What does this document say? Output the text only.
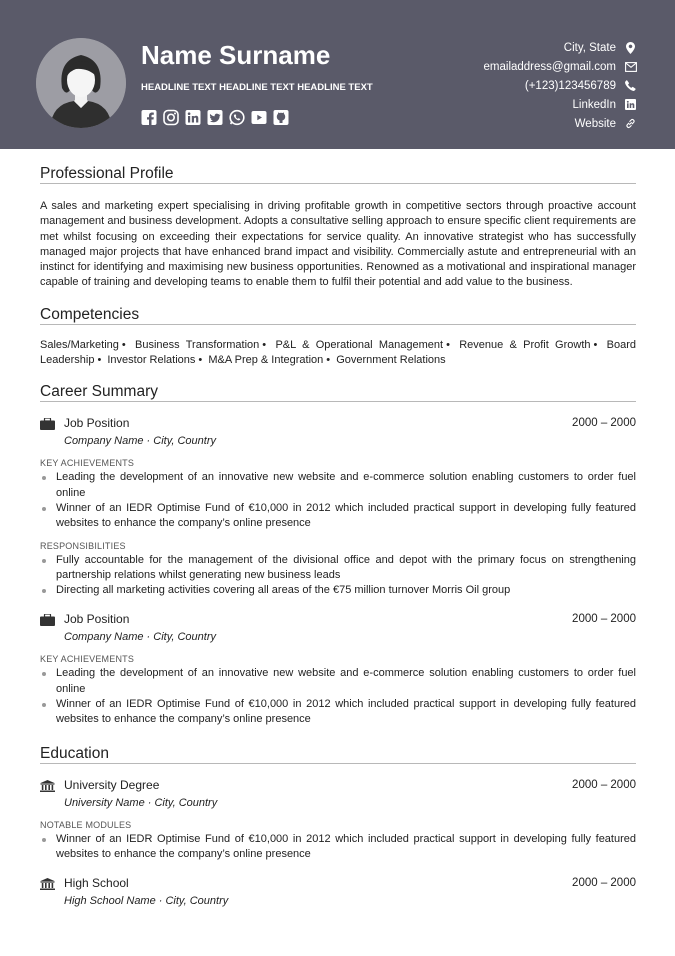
Name Surname
HEADLINE TEXT HEADLINE TEXT HEADLINE TEXT
City, State
emailaddress@gmail.com
(+123)123456789
LinkedIn
Website
Professional Profile
A sales and marketing expert specialising in driving profitable growth in competitive sectors through proactive account management and business development. Adopts a consultative selling approach to ensure specific client requirements are met whilst focusing on exceeding their expectations for service quality. An innovative strategist who has successfully managed major projects that have enhanced brand impact and visibility. Commercially astute and entrepreneurial with an instinct for identifying and maximising new business opportunities. Renowned as a motivational and inspirational manager capable of training and developing teams to enable them to fulfil their potential and add value to the business.
Competencies
Sales/Marketing • Business Transformation • P&L & Operational Management • Revenue & Profit Growth • Board Leadership • Investor Relations • M&A Prep & Integration • Government Relations
Career Summary
Job Position	2000 – 2000
Company Name · City, Country
KEY ACHIEVEMENTS
Leading the development of an innovative new website and e-commerce solution enabling customers to order fuel online
Winner of an IEDR Optimise Fund of €10,000 in 2012 which included practical support in developing fully featured websites to enhance the company’s online presence
RESPONSIBILITIES
Fully accountable for the management of the divisional office and depot with the primary focus on strengthening partnership relations whilst generating new business leads
Directing all marketing activities covering all areas of the €75 million turnover Morris Oil group
Job Position	2000 – 2000
Company Name · City, Country
KEY ACHIEVEMENTS
Leading the development of an innovative new website and e-commerce solution enabling customers to order fuel online
Winner of an IEDR Optimise Fund of €10,000 in 2012 which included practical support in developing fully featured websites to enhance the company’s online presence
Education
University Degree	2000 – 2000
University Name · City, Country
NOTABLE MODULES
Winner of an IEDR Optimise Fund of €10,000 in 2012 which included practical support in developing fully featured websites to enhance the company’s online presence
High School	2000 – 2000
High School Name · City, Country
